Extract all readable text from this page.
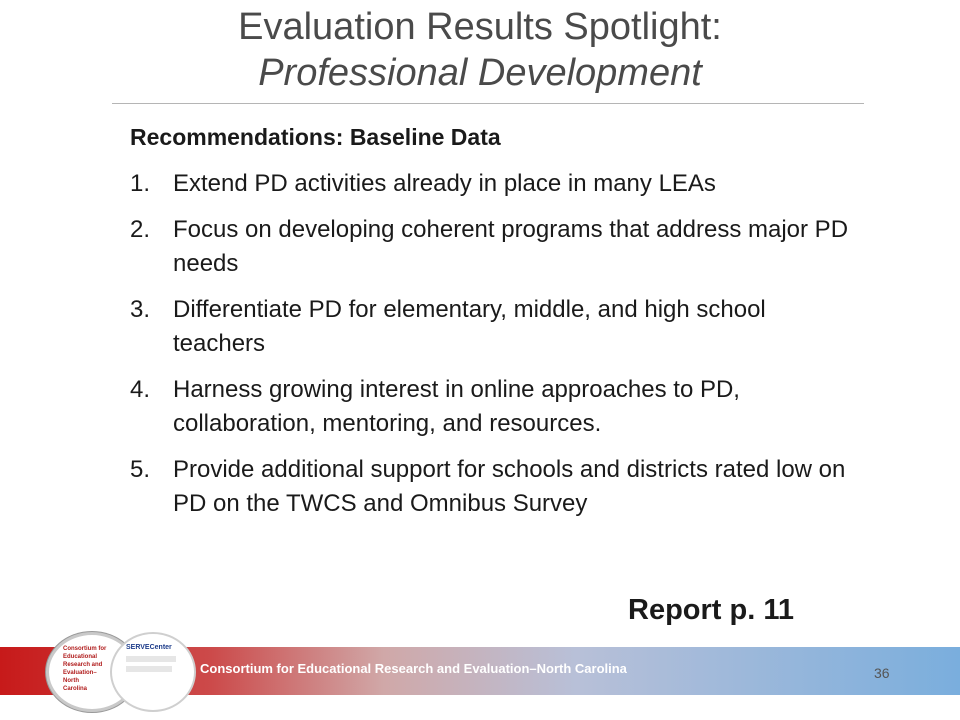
Evaluation Results Spotlight:
Professional Development
Recommendations: Baseline Data
1. Extend PD activities already in place in many LEAs
2. Focus on developing coherent programs that address major PD needs
3. Differentiate PD for elementary, middle, and high school teachers
4. Harness growing interest in online approaches to PD, collaboration, mentoring, and resources.
5. Provide additional support for schools and districts rated low on PD on the TWCS and Omnibus Survey
Report p. 11
Consortium for Educational Research and Evaluation–North Carolina	36
Consortium for
Educational
Research and
Evaluation–
North
Carolina
SERVECenter
